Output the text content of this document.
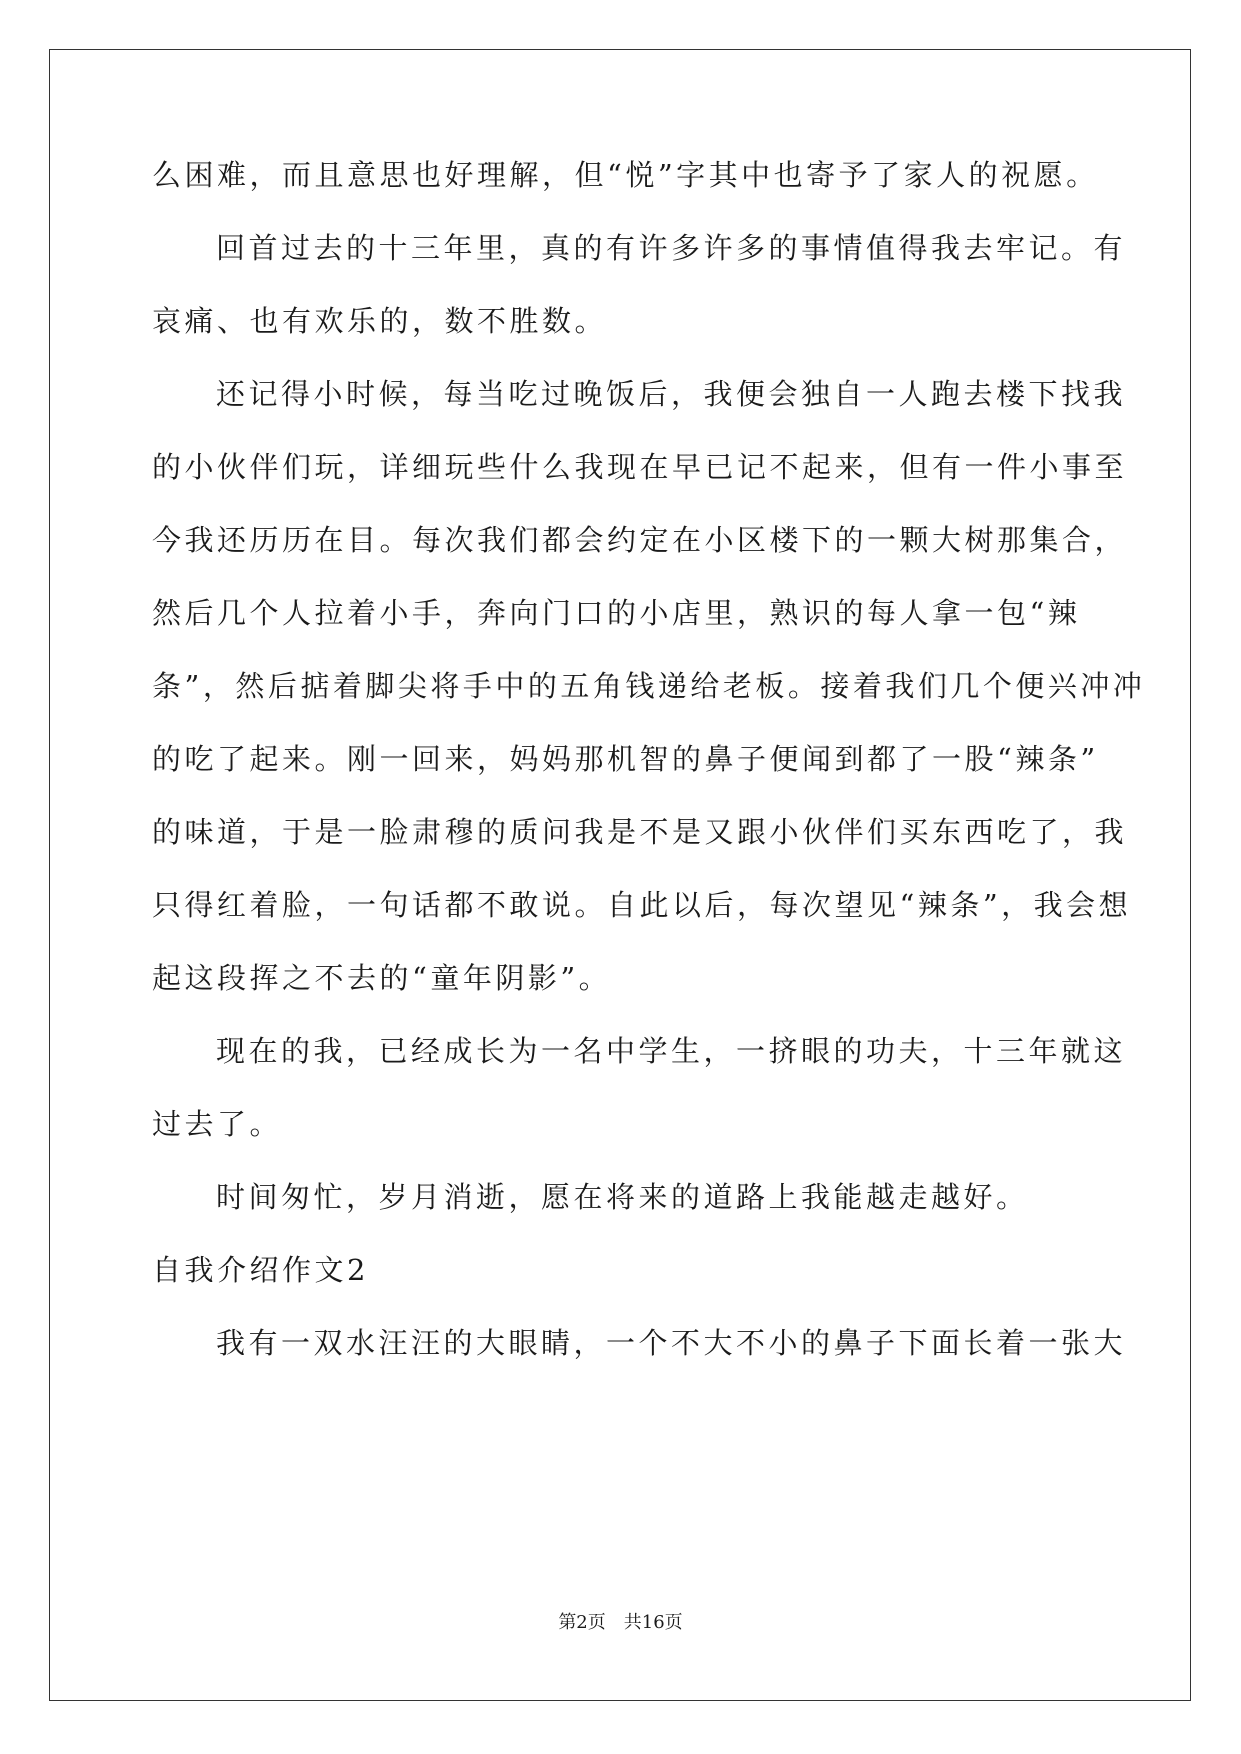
么困难，而且意思也好理解，但“悦”字其中也寄予了家人的祝愿。
回首过去的十三年里，真的有许多许多的事情值得我去牢记。有
哀痛、也有欢乐的，数不胜数。
还记得小时候，每当吃过晚饭后，我便会独自一人跑去楼下找我
的小伙伴们玩，详细玩些什么我现在早已记不起来，但有一件小事至
今我还历历在目。每次我们都会约定在小区楼下的一颗大树那集合，
然后几个人拉着小手，奔向门口的小店里，熟识的每人拿一包“辣
条”，然后掂着脚尖将手中的五角钱递给老板。接着我们几个便兴冲冲
的吃了起来。刚一回来，妈妈那机智的鼻子便闻到都了一股“辣条”
的味道，于是一脸肃穆的质问我是不是又跟小伙伴们买东西吃了，我
只得红着脸，一句话都不敢说。自此以后，每次望见“辣条”，我会想
起这段挥之不去的“童年阴影”。
现在的我，已经成长为一名中学生，一挤眼的功夫，十三年就这
过去了。
时间匆忙，岁月消逝，愿在将来的道路上我能越走越好。
自我介绍作文2
我有一双水汪汪的大眼睛，一个不大不小的鼻子下面长着一张大
第2页 共16页
